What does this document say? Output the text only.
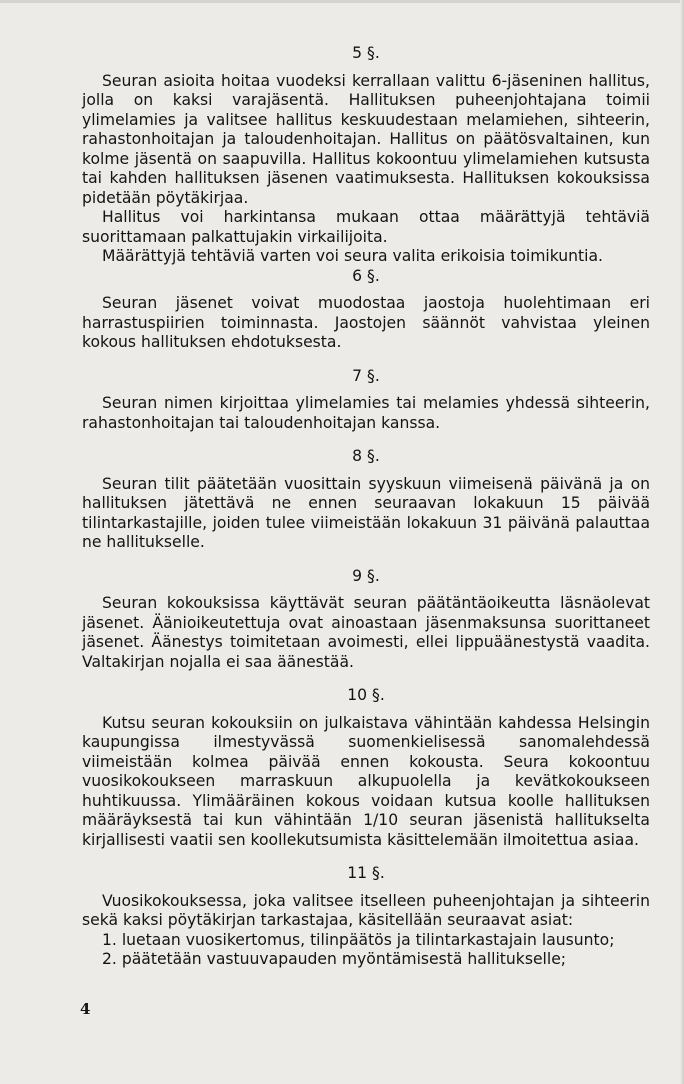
5 §.

Seuran asioita hoitaa vuodeksi kerrallaan valittu 6-jäseninen hallitus, jolla on kaksi varajäsentä. Hallituksen puheenjohtajana toimii ylimelamies ja valitsee hallitus keskuudestaan melamiehen, sihteerin, rahastonhoitajan ja taloudenhoitajan. Hallitus on päätösvaltainen, kun kolme jäsentä on saapuvilla. Hallitus kokoontuu ylimelamiehen kutsusta tai kahden hallituksen jäsenen vaatimuksesta. Hallituksen kokouksissa pidetään pöytäkirjaa.

Hallitus voi harkintansa mukaan ottaa määrättyjä tehtäviä suorittamaan palkattujakin virkailijoita.

Määrättyjä tehtäviä varten voi seura valita erikoisia toimikuntia.

6 §.

Seuran jäsenet voivat muodostaa jaostoja huolehtimaan eri harrastuspiirien toiminnasta. Jaostojen säännöt vahvistaa yleinen kokous hallituksen ehdotuksesta.

7 §.

Seuran nimen kirjoittaa ylimelamies tai melamies yhdessä sihteerin, rahastonhoitajan tai taloudenhoitajan kanssa.

8 §.

Seuran tilit päätetään vuosittain syyskuun viimeisenä päivänä ja on hallituksen jätettävä ne ennen seuraavan lokakuun 15 päivää tilintarkastajille, joiden tulee viimeistään lokakuun 31 päivänä palauttaa ne hallitukselle.

9 §.

Seuran kokouksissa käyttävät seuran päätäntäoikeutta läsnäolevat jäsenet. Äänioikeutettuja ovat ainoastaan jäsenmaksunsa suorittaneet jäsenet. Äänestys toimitetaan avoimesti, ellei lippuäänestystä vaadita. Valtakirjan nojalla ei saa äänestää.

10 §.

Kutsu seuran kokouksiin on julkaistava vähintään kahdessa Helsingin kaupungissa ilmestyvässä suomenkielisessä sanomalehdessä viimeistään kolmea päivää ennen kokousta. Seura kokoontuu vuosikokoukseen marraskuun alkupuolella ja kevätkokoukseen huhtikuussa. Ylimääräinen kokous voidaan kutsua koolle hallituksen määräyksestä tai kun vähintään 1/10 seuran jäsenistä hallitukselta kirjallisesti vaatii sen koollekutsumista käsittelemään ilmoitettua asiaa.

11 §.

Vuosikokouksessa, joka valitsee itselleen puheenjohtajan ja sihteerin sekä kaksi pöytäkirjan tarkastajaa, käsitellään seuraavat asiat:

1. luetaan vuosikertomus, tilinpäätös ja tilintarkastajain lausunto;
2. päätetään vastuuvapauden myöntämisestä hallitukselle;
4
